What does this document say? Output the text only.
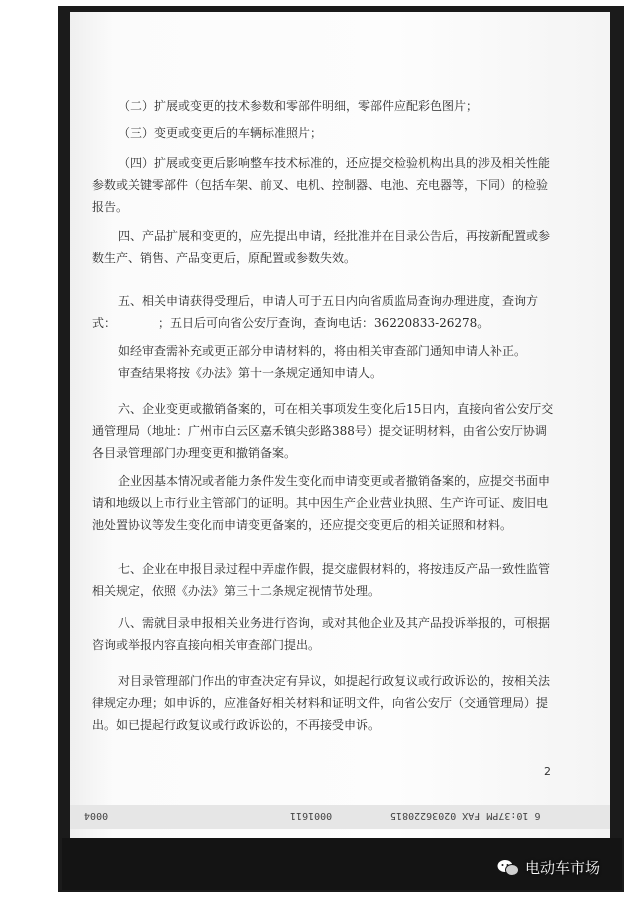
（二）扩展或变更的技术参数和零部件明细，零部件应配彩色图片；

（三）变更或变更后的车辆标准照片；

（四）扩展或变更后影响整车技术标准的，还应提交检验机构出具的涉及相关性能参数或关键零部件（包括车架、前叉、电机、控制器、电池、充电器等，下同）的检验报告。

四、产品扩展和变更的，应先提出申请，经批准并在目录公告后，再按新配置或参数生产、销售、产品变更后，原配置或参数失效。

五、相关申请获得受理后，申请人可于五日内向省质监局查询办理进度，查询方式：　　　　；五日后可向省公安厅查询，查询电话：36220833-26278。

如经审查需补充或更正部分申请材料的，将由相关审查部门通知申请人补正。

审查结果将按《办法》第十一条规定通知申请人。

六、企业变更或撤销备案的，可在相关事项发生变化后15日内，直接向省公安厅交通管理局（地址：广州市白云区嘉禾镇尖彭路388号）提交证明材料，由省公安厅协调各目录管理部门办理变更和撤销备案。

企业因基本情况或者能力条件发生变化而申请变更或者撤销备案的，应提交书面申请和地级以上市行业主管部门的证明。其中因生产企业营业执照、生产许可证、废旧电池处置协议等发生变化而申请变更备案的，还应提交变更后的相关证照和材料。

七、企业在申报目录过程中弄虚作假，提交虚假材料的，将按违反产品一致性监管相关规定，依照《办法》第三十二条规定视情节处理。

八、需就目录申报相关业务进行咨询，或对其他企业及其产品投诉举报的，可根据咨询或举报内容直接向相关审查部门提出。

对目录管理部门作出的审查决定有异议，如提起行政复议或行政诉讼的，按相关法律规定办理；如申诉的，应准备好相关材料和证明文件，向省公安厅（交通管理局）提出。如已提起行政复议或行政诉讼的，不再接受申诉。

2
0004	0001611	6 10:37PM FAX 02036220815
电动车市场
